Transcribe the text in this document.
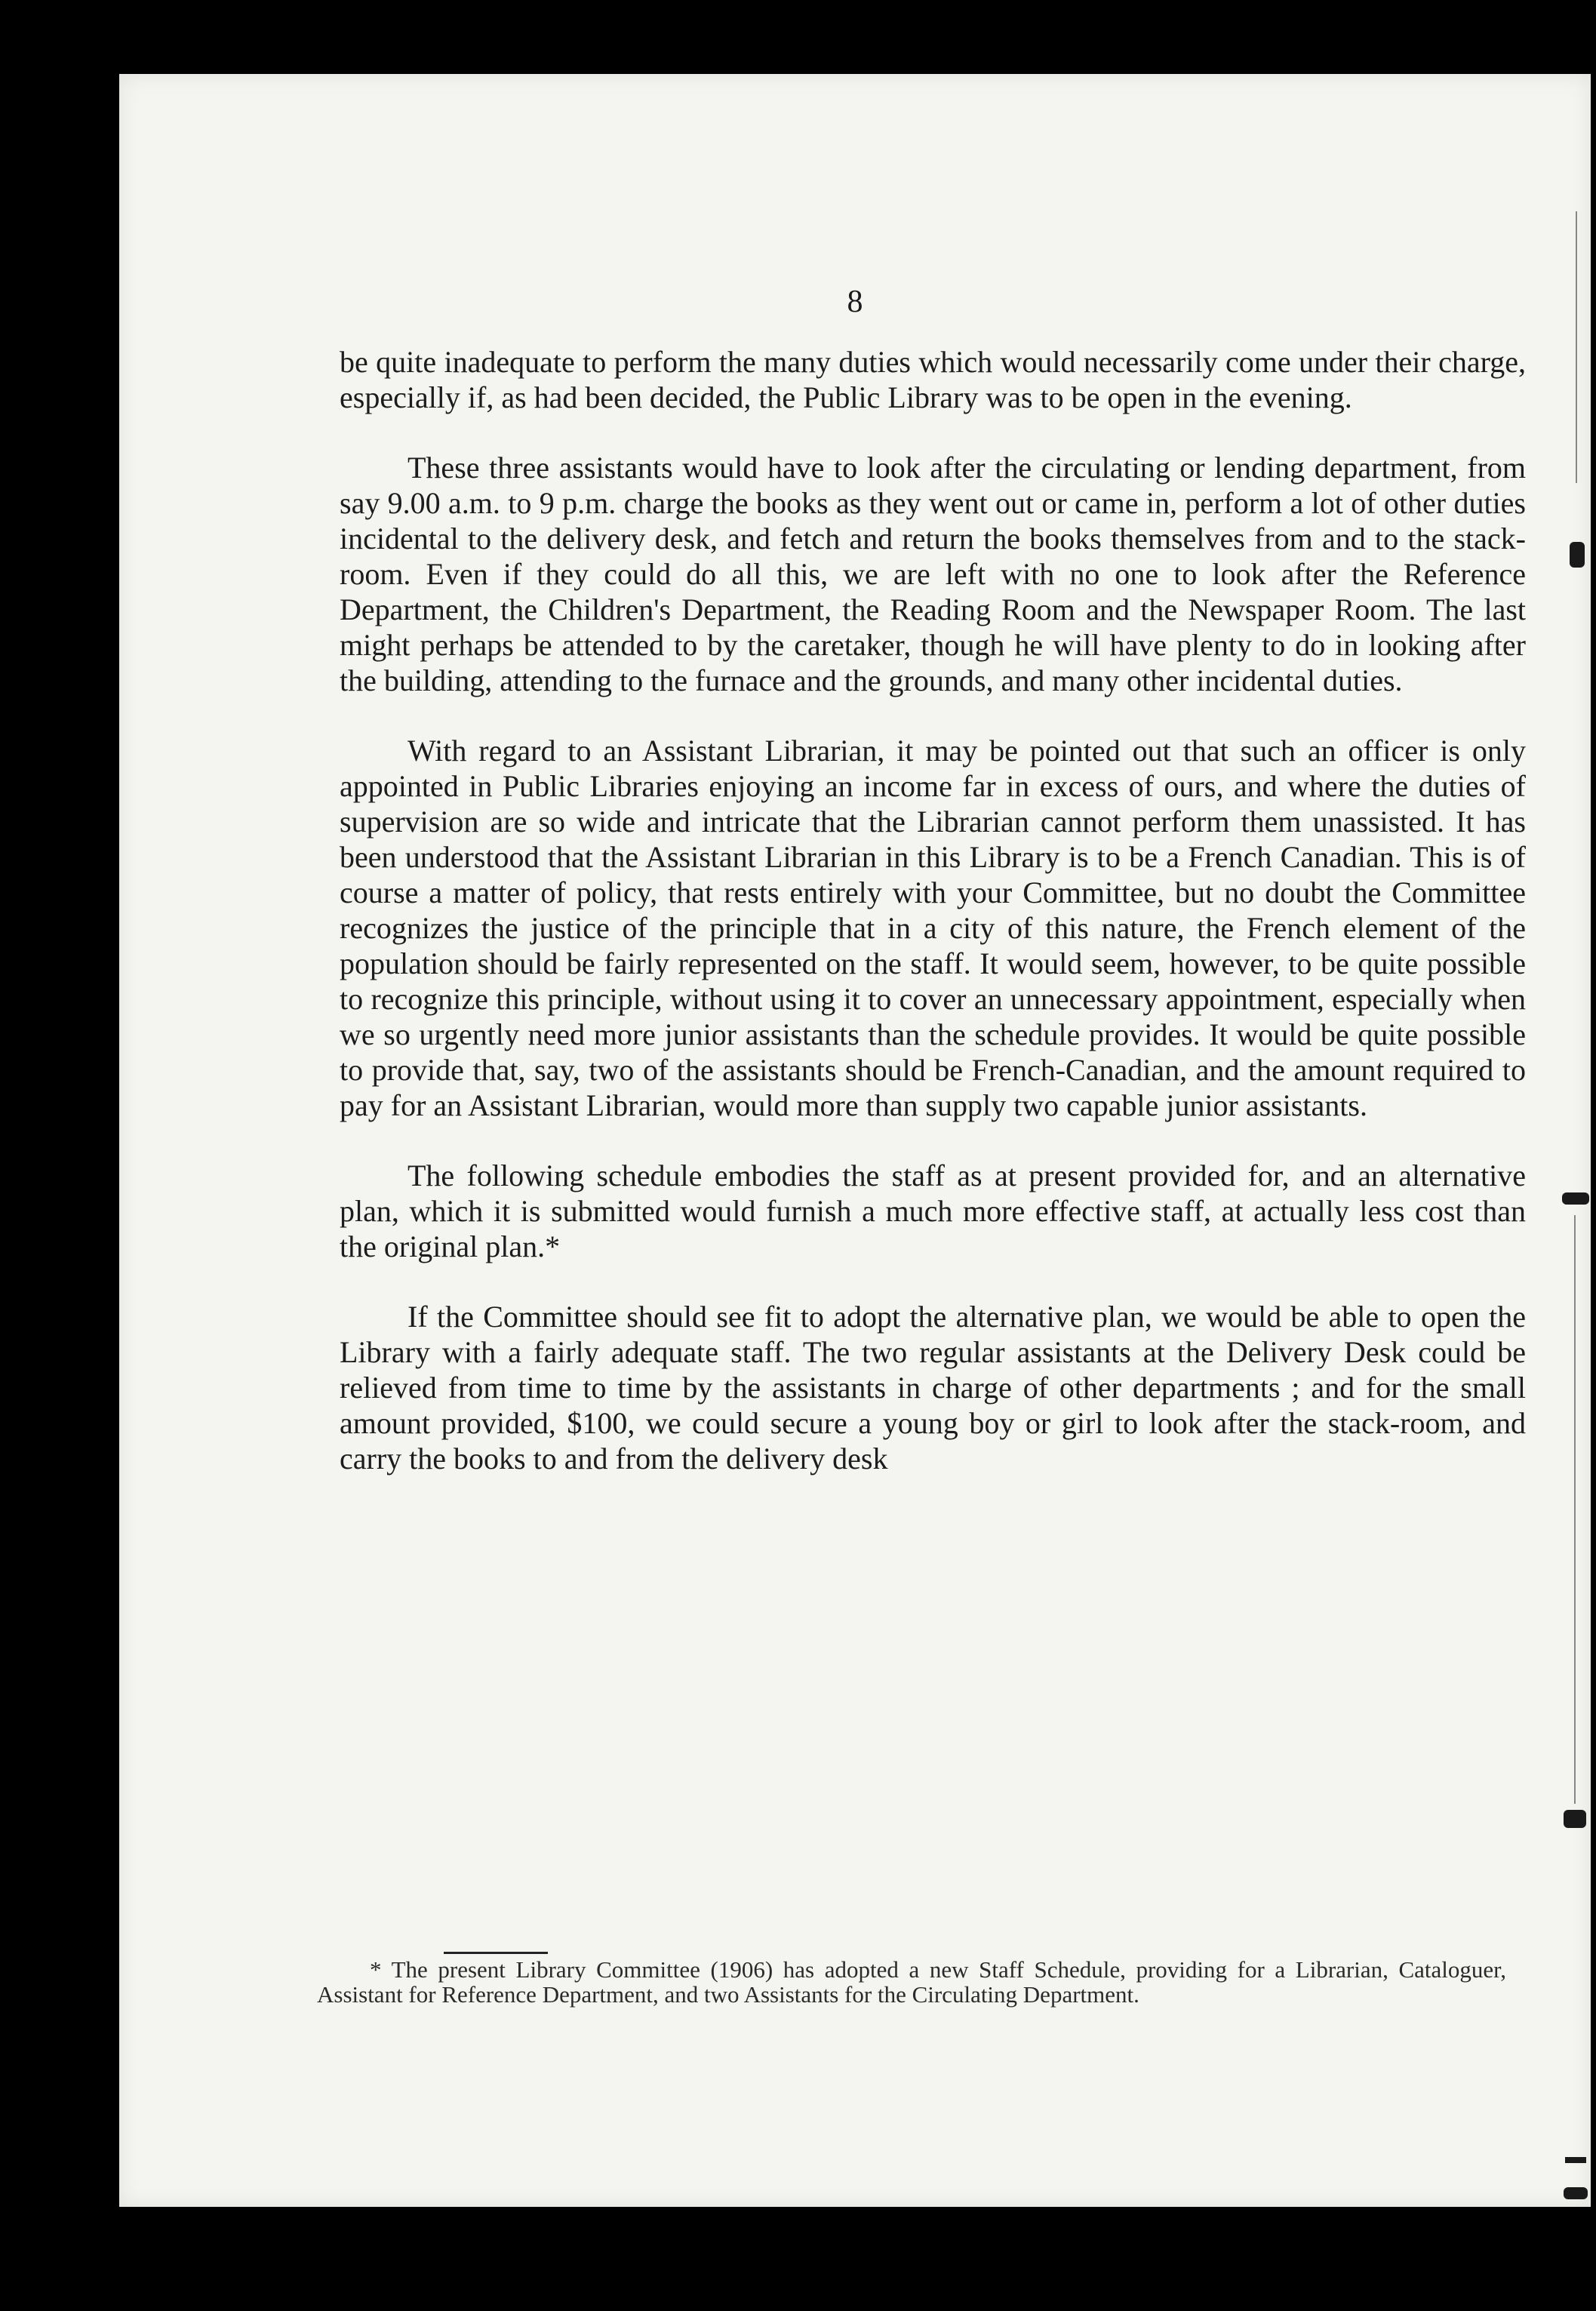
8

be quite inadequate to perform the many duties which would necessarily come under their charge, especially if, as had been decided, the Public Library was to be open in the evening.

These three assistants would have to look after the circulating or lending department, from say 9.00 a.m. to 9 p.m. charge the books as they went out or came in, perform a lot of other duties incidental to the delivery desk, and fetch and return the books themselves from and to the stack-room. Even if they could do all this, we are left with no one to look after the Reference Department, the Children's Department, the Reading Room and the Newspaper Room. The last might perhaps be attended to by the caretaker, though he will have plenty to do in looking after the building, attending to the furnace and the grounds, and many other incidental duties.

With regard to an Assistant Librarian, it may be pointed out that such an officer is only appointed in Public Libraries enjoying an income far in excess of ours, and where the duties of supervision are so wide and intricate that the Librarian cannot perform them unassisted. It has been understood that the Assistant Librarian in this Library is to be a French Canadian. This is of course a matter of policy, that rests entirely with your Committee, but no doubt the Committee recognizes the justice of the principle that in a city of this nature, the French element of the population should be fairly represented on the staff. It would seem, however, to be quite possible to recognize this principle, without using it to cover an unnecessary appointment, especially when we so urgently need more junior assistants than the schedule provides. It would be quite possible to provide that, say, two of the assistants should be French-Canadian, and the amount required to pay for an Assistant Librarian, would more than supply two capable junior assistants.

The following schedule embodies the staff as at present provided for, and an alternative plan, which it is submitted would furnish a much more effective staff, at actually less cost than the original plan.*

If the Committee should see fit to adopt the alternative plan, we would be able to open the Library with a fairly adequate staff. The two regular assistants at the Delivery Desk could be relieved from time to time by the assistants in charge of other departments ; and for the small amount provided, $100, we could secure a young boy or girl to look after the stack-room, and carry the books to and from the delivery desk

* The present Library Committee (1906) has adopted a new Staff Schedule, providing for a Librarian, Cataloguer, Assistant for Reference Department, and two Assistants for the Circulating Department.
